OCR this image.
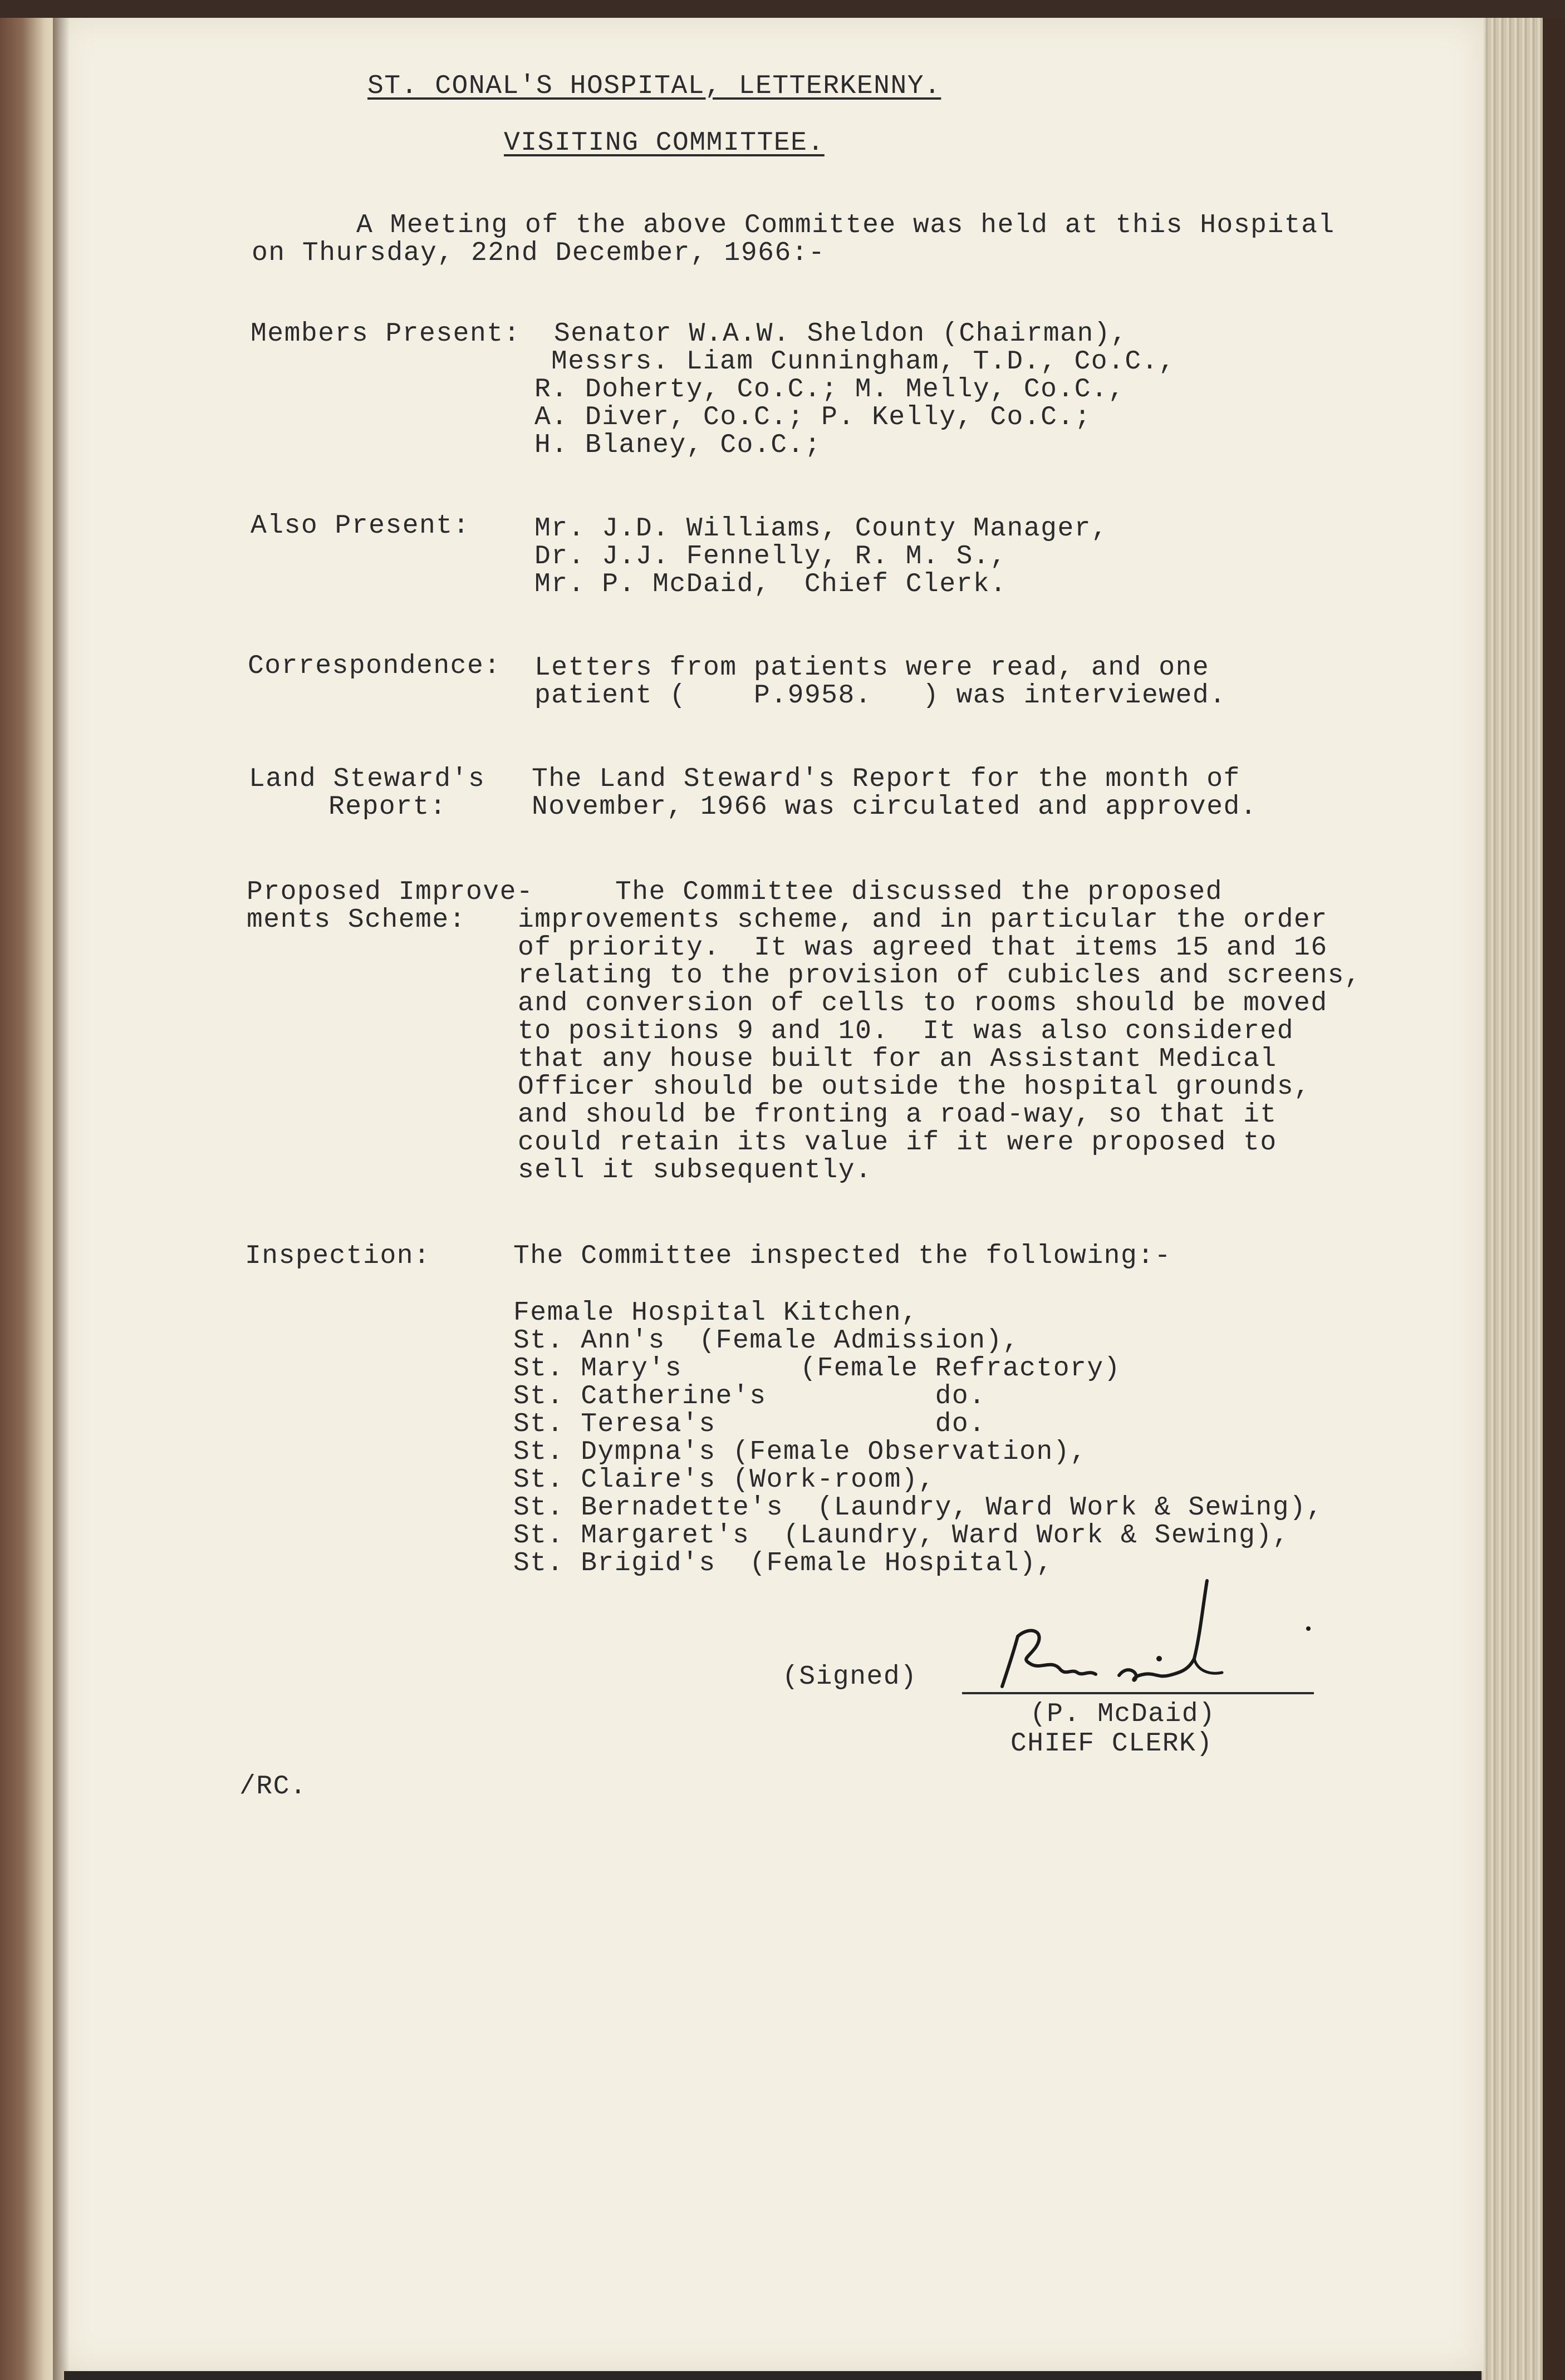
ST. CONAL'S HOSPITAL, LETTERKENNY.
VISITING COMMITTEE.
A Meeting of the above Committee was held at this Hospital
on Thursday, 22nd December, 1966:-
Members Present: Senator W.A.W. Sheldon (Chairman),
Messrs. Liam Cunningham, T.D., Co.C.,
R. Doherty, Co.C.; M. Melly, Co.C.,
A. Diver, Co.C.; P. Kelly, Co.C.;
H. Blaney, Co.C.;
Also Present: Mr. J.D. Williams, County Manager,
Dr. J.J. Fennelly, R. M. S.,
Mr. P. McDaid,  Chief Clerk.
Correspondence: Letters from patients were read, and one
patient (    P.9958.   ) was interviewed.
Land Steward's
Report:
The Land Steward's Report for the month of
November, 1966 was circulated and approved.
Proposed Improve-
ments Scheme:
The Committee discussed the proposed
improvements scheme, and in particular the order
of priority.  It was agreed that items 15 and 16
relating to the provision of cubicles and screens,
and conversion of cells to rooms should be moved
to positions 9 and 10.  It was also considered
that any house built for an Assistant Medical
Officer should be outside the hospital grounds,
and should be fronting a road-way, so that it
could retain its value if it were proposed to
sell it subsequently.
Inspection:	The Committee inspected the following:-
Female Hospital Kitchen,
St. Ann's  (Female Admission),
St. Mary's       (Female Refractory)
St. Catherine's          do.
St. Teresa's             do.
St. Dympna's (Female Observation),
St. Claire's (Work-room),
St. Bernadette's  (Laundry, Ward Work & Sewing),
St. Margaret's  (Laundry, Ward Work & Sewing),
St. Brigid's  (Female Hospital),
(Signed)
(P. McDaid)
CHIEF CLERK)
/RC.
